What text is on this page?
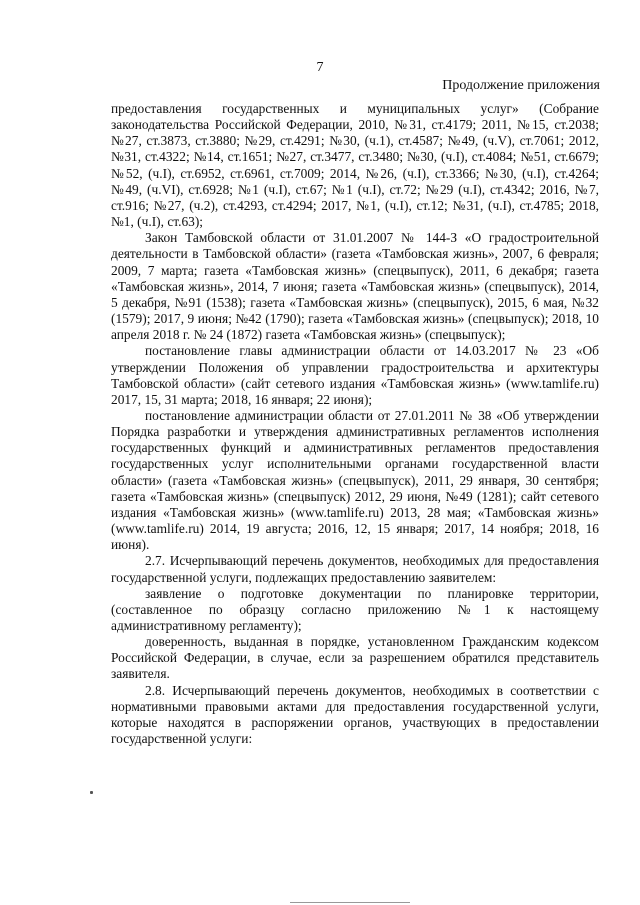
7
Продолжение приложения

предоставления государственных и муниципальных услуг» (Собрание законодательства Российской Федерации, 2010, №31, ст.4179; 2011, №15, ст.2038; №27, ст.3873, ст.3880; №29, ст.4291; №30, (ч.1), ст.4587; №49, (ч.V), ст.7061; 2012, №31, ст.4322; №14, ст.1651; №27, ст.3477, ст.3480; №30, (ч.I), ст.4084; №51, ст.6679; №52, (ч.I), ст.6952, ст.6961, ст.7009; 2014, №26, (ч.I), ст.3366; №30, (ч.I), ст.4264; №49, (ч.VI), ст.6928; №1 (ч.I), ст.67; №1 (ч.I), ст.72; №29 (ч.I), ст.4342; 2016, №7, ст.916; №27, (ч.2), ст.4293, ст.4294; 2017, №1, (ч.I), ст.12; №31, (ч.I), ст.4785; 2018, №1, (ч.I), ст.63);

Закон Тамбовской области от 31.01.2007 № 144-З «О градостроительной деятельности в Тамбовской области» (газета «Тамбовская жизнь», 2007, 6 февраля; 2009, 7 марта; газета «Тамбовская жизнь» (спецвыпуск), 2011, 6 декабря; газета «Тамбовская жизнь», 2014, 7 июня; газета «Тамбовская жизнь» (спецвыпуск), 2014, 5 декабря, №91 (1538); газета «Тамбовская жизнь» (спецвыпуск), 2015, 6 мая, №32 (1579); 2017, 9 июня; №42 (1790); газета «Тамбовская жизнь» (спецвыпуск); 2018, 10 апреля 2018 г. № 24 (1872) газета «Тамбовская жизнь» (спецвыпуск);

постановление главы администрации области от 14.03.2017 № 23 «Об утверждении Положения об управлении градостроительства и архитектуры Тамбовской области» (сайт сетевого издания «Тамбовская жизнь» (www.tamlife.ru) 2017, 15, 31 марта; 2018, 16 января; 22 июня);

постановление администрации области от 27.01.2011 № 38 «Об утверждении Порядка разработки и утверждения административных регламентов исполнения государственных функций и административных регламентов предоставления государственных услуг исполнительными органами государственной власти области» (газета «Тамбовская жизнь» (спецвыпуск), 2011, 29 января, 30 сентября; газета «Тамбовская жизнь» (спецвыпуск) 2012, 29 июня, №49 (1281); сайт сетевого издания «Тамбовская жизнь» (www.tamlife.ru) 2013, 28 мая; «Тамбовская жизнь» (www.tamlife.ru) 2014, 19 августа; 2016, 12, 15 января; 2017, 14 ноября; 2018, 16 июня).

2.7. Исчерпывающий перечень документов, необходимых для предоставления государственной услуги, подлежащих предоставлению заявителем:

заявление о подготовке документации по планировке территории, (составленное по образцу согласно приложению №1 к настоящему административному регламенту);

доверенность, выданная в порядке, установленном Гражданским кодексом Российской Федерации, в случае, если за разрешением обратился представитель заявителя.

2.8. Исчерпывающий перечень документов, необходимых в соответствии с нормативными правовыми актами для предоставления государственной услуги, которые находятся в распоряжении органов, участвующих в предоставлении государственной услуги:
